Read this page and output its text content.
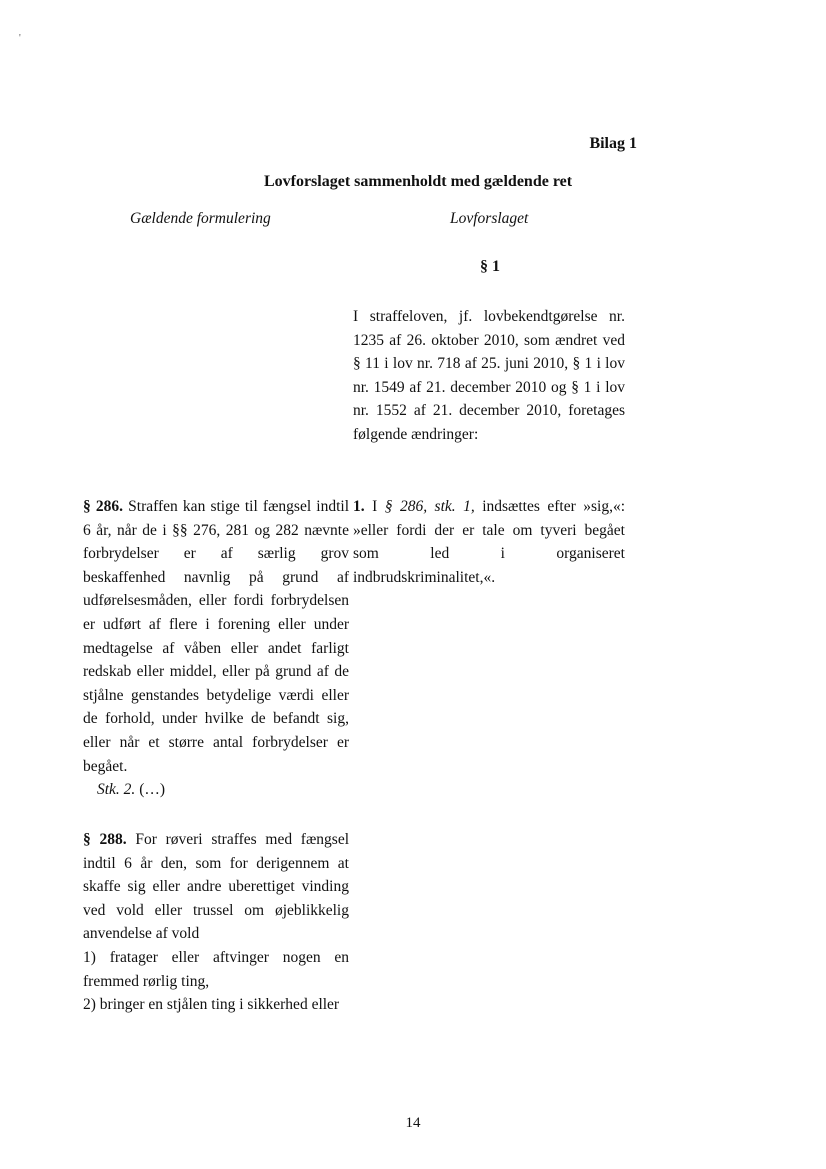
'
Bilag 1
Lovforslaget sammenholdt med gældende ret
Gældende formulering	Lovforslaget
§ 1
I straffeloven, jf. lovbekendtgørelse nr. 1235 af 26. oktober 2010, som ændret ved § 11 i lov nr. 718 af 25. juni 2010, § 1 i lov nr. 1549 af 21. december 2010 og § 1 i lov nr. 1552 af 21. december 2010, foretages følgende ændringer:
1. I § 286, stk. 1, indsættes efter »sig,«: »eller fordi der er tale om tyveri begået som led i organiseret indbrudskriminalitet,«.
§ 286. Straffen kan stige til fængsel indtil 6 år, når de i §§ 276, 281 og 282 nævnte forbrydelser er af særlig grov beskaffenhed navnlig på grund af udførelsesmåden, eller fordi forbrydelsen er udført af flere i forening eller under medtagelse af våben eller andet farligt redskab eller middel, eller på grund af de stjålne genstandes betydelige værdi eller de forhold, under hvilke de befandt sig, eller når et større antal forbrydelser er begået.
Stk. 2. (…)
§ 288. For røveri straffes med fængsel indtil 6 år den, som for derigennem at skaffe sig eller andre uberettiget vinding ved vold eller trussel om øjeblikkelig anvendelse af vold
1) fratager eller aftvinger nogen en fremmed rørlig ting,
2) bringer en stjålen ting i sikkerhed eller
14
